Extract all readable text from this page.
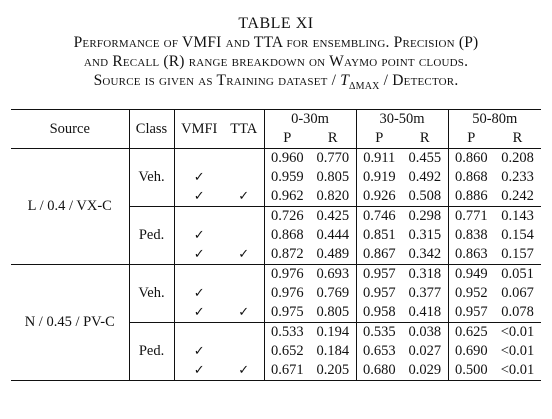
TABLE XI
Performance of VMFI and TTA for ensembling. Precision (P)
and Recall (R) range breakdown on Waymo point clouds.
Source is given as Training dataset / $T_{\Delta MAX}$ / Detector.
Source	Class	VMFI	TTA	0-30m		30-50m		50-80m	
				P	R	P	R	P	R
L / 0.4 / VX-C	Veh.			0.960	0.770	0.911	0.455	0.860	0.208
		✓		0.959	0.805	0.919	0.492	0.868	0.233
		✓	✓	0.962	0.820	0.926	0.508	0.886	0.242
	Ped.			0.726	0.425	0.746	0.298	0.771	0.143
		✓		0.868	0.444	0.851	0.315	0.838	0.154
		✓	✓	0.872	0.489	0.867	0.342	0.863	0.157
N / 0.45 / PV-C	Veh.			0.976	0.693	0.957	0.318	0.949	0.051
		✓		0.976	0.769	0.957	0.377	0.952	0.067
		✓	✓	0.975	0.805	0.958	0.418	0.957	0.078
	Ped.			0.533	0.194	0.535	0.038	0.625	<0.01
		✓		0.652	0.184	0.653	0.027	0.690	<0.01
		✓	✓	0.671	0.205	0.680	0.029	0.500	<0.01
